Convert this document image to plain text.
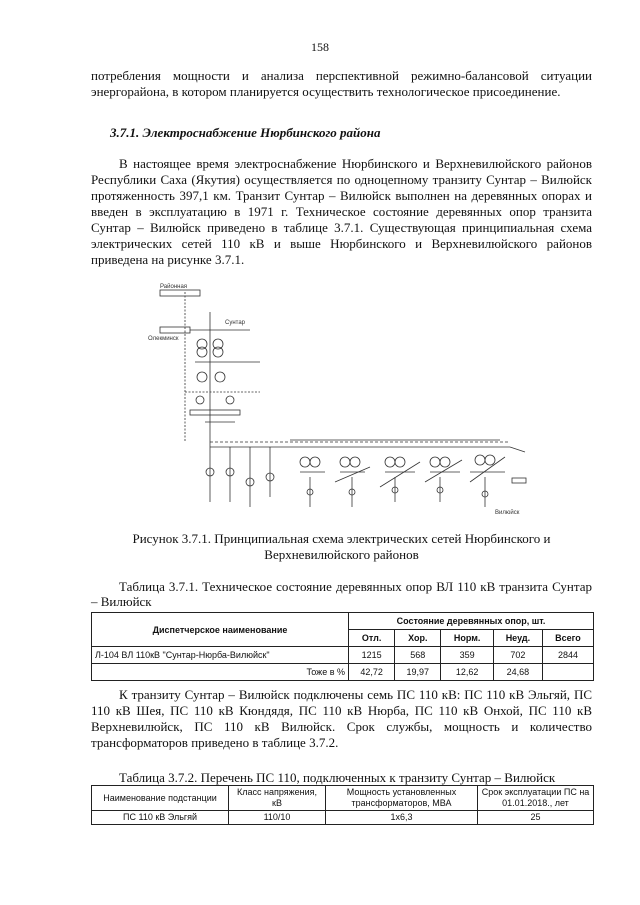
158

потребления мощности и анализа перспективной режимно-балансовой ситуации энергорайона, в котором планируется осуществить технологическое присоединение.

3.7.1. Электроснабжение Нюрбинского района

В настоящее время электроснабжение Нюрбинского и Верхневилюйского районов Республики Саха (Якутия) осуществляется по одноцепному транзиту Сунтар – Вилюйск протяженность 397,1 км. Транзит Сунтар – Вилюйск выполнен на деревянных опорах и введен в эксплуатацию в 1971 г. Техническое состояние деревянных опор транзита Сунтар – Вилюйск приведено в таблице 3.7.1. Существующая принципиальная схема электрических сетей 110 кВ и выше Нюрбинского и Верхневилюйского районов приведена на рисунке 3.7.1.

Районная
Сунтар
Олекминск
Вилюйск
Рисунок 3.7.1. Принципиальная схема электрических сетей Нюрбинского и Верхневилюйского районов
Таблица 3.7.1. Техническое состояние деревянных опор ВЛ 110 кВ транзита Сунтар – Вилюйск
Диспетчерское наименование	Состояние деревянных опор, шт.				
	Отл.	Хор.	Норм.	Неуд.	Всего
Л-104 ВЛ 110кВ "Сунтар-Нюрба-Вилюйск"	1215	568	359	702	2844
Тоже в %	42,72	19,97	12,62	24,68	

К транзиту Сунтар – Вилюйск подключены семь ПС 110 кВ: ПС 110 кВ Эльгяй, ПС 110 кВ Шея, ПС 110 кВ Кюндядя, ПС 110 кВ Нюрба, ПС 110 кВ Онхой, ПС 110 кВ Верхневилюйск, ПС 110 кВ Вилюйск. Срок службы, мощность и количество трансформаторов приведено в таблице 3.7.2.

Таблица 3.7.2. Перечень ПС 110, подключенных к транзиту Сунтар – Вилюйск
Наименование подстанции	Класс напряжения, кВ	Мощность установленных трансформаторов, МВА	Срок эксплуатации ПС на 01.01.2018., лет
ПС 110 кВ Эльгяй	110/10	1х6,3	25
